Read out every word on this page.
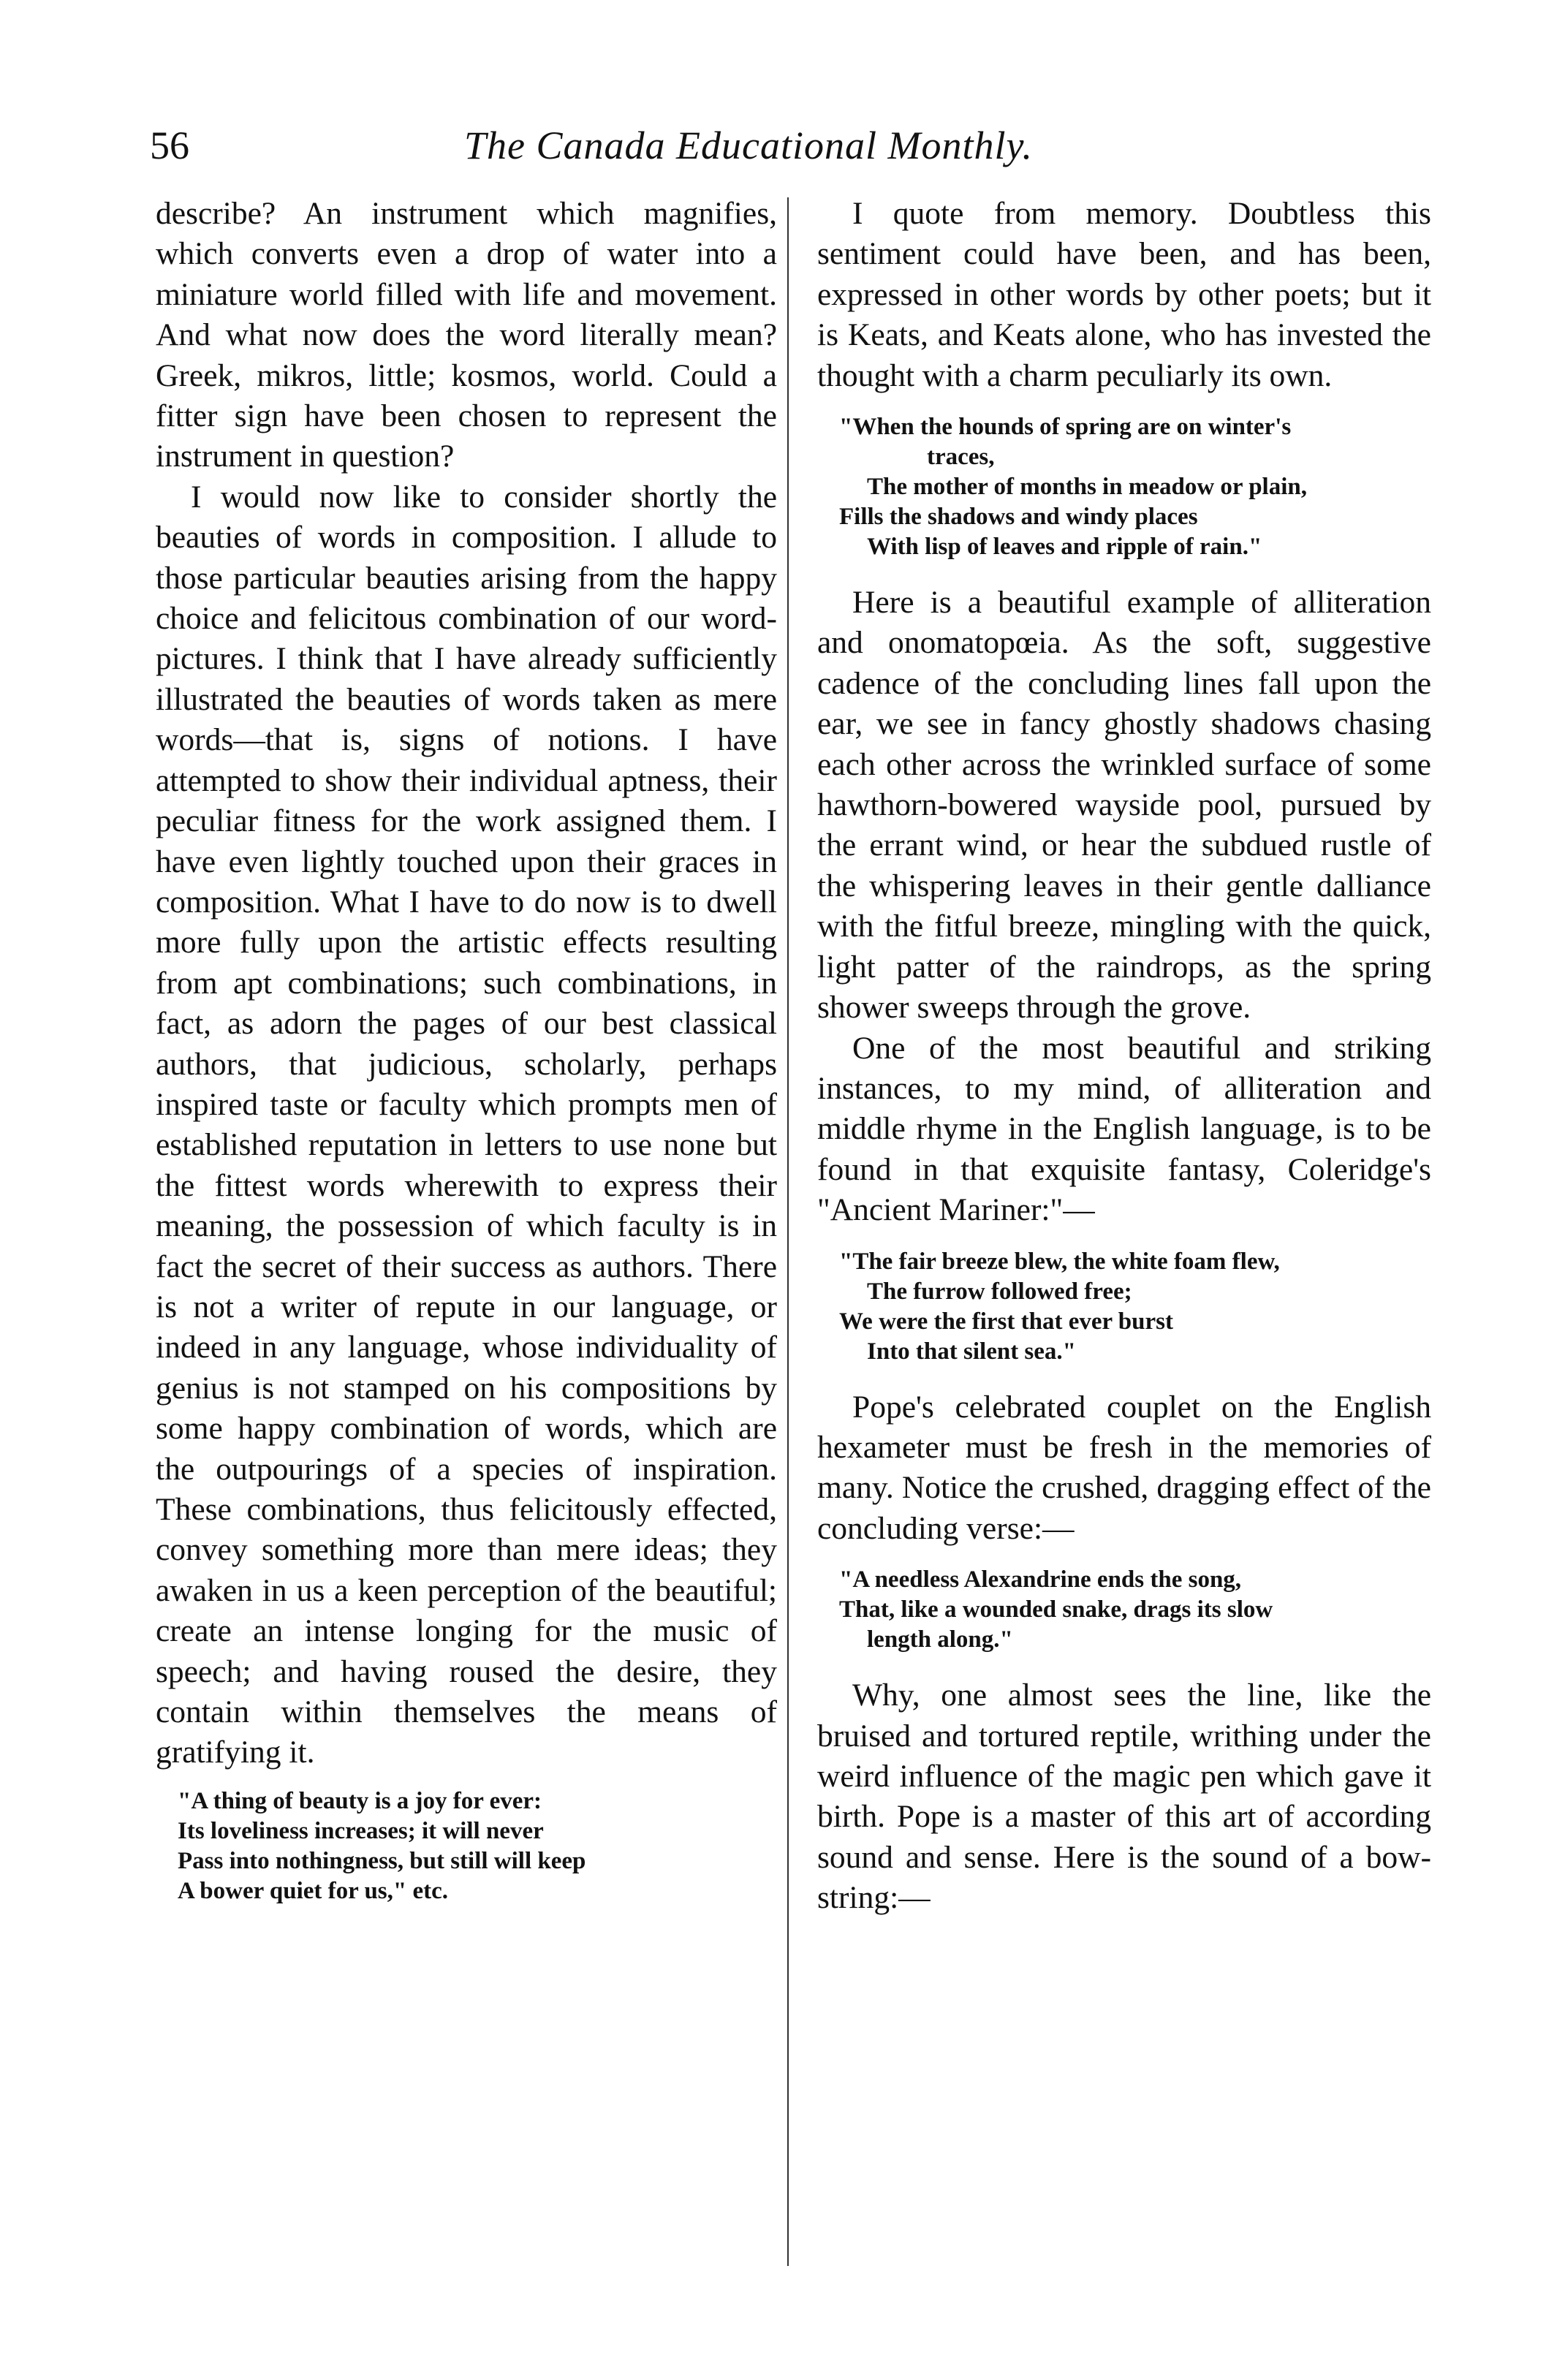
56	The Canada Educational Monthly.

describe? An instrument which magnifies, which converts even a drop of water into a miniature world filled with life and movement. And what now does the word literally mean? Greek, mikros, little; kosmos, world. Could a fitter sign have been chosen to represent the instrument in question?

I would now like to consider shortly the beauties of words in composition. I allude to those particular beauties arising from the happy choice and felicitous combination of our word-pictures. I think that I have already sufficiently illustrated the beauties of words taken as mere words—that is, signs of notions. I have attempted to show their individual aptness, their peculiar fitness for the work assigned them. I have even lightly touched upon their graces in composition. What I have to do now is to dwell more fully upon the artistic effects resulting from apt combinations; such combinations, in fact, as adorn the pages of our best classical authors, that judicious, scholarly, perhaps inspired taste or faculty which prompts men of established reputation in letters to use none but the fittest words wherewith to express their meaning, the possession of which faculty is in fact the secret of their success as authors. There is not a writer of repute in our language, or indeed in any language, whose individuality of genius is not stamped on his compositions by some happy combination of words, which are the outpourings of a species of inspiration. These combinations, thus felicitously effected, convey something more than mere ideas; they awaken in us a keen perception of the beautiful; create an intense longing for the music of speech; and having roused the desire, they contain within themselves the means of gratifying it.

"A thing of beauty is a joy for ever:
Its loveliness increases; it will never
Pass into nothingness, but still will keep
A bower quiet for us," etc.

I quote from memory. Doubtless this sentiment could have been, and has been, expressed in other words by other poets; but it is Keats, and Keats alone, who has invested the thought with a charm peculiarly its own.

"When the hounds of spring are on winter's
traces,
The mother of months in meadow or plain,
Fills the shadows and windy places
With lisp of leaves and ripple of rain."

Here is a beautiful example of alliteration and onomatopœia. As the soft, suggestive cadence of the concluding lines fall upon the ear, we see in fancy ghostly shadows chasing each other across the wrinkled surface of some hawthorn-bowered wayside pool, pursued by the errant wind, or hear the subdued rustle of the whispering leaves in their gentle dalliance with the fitful breeze, mingling with the quick, light patter of the raindrops, as the spring shower sweeps through the grove.

One of the most beautiful and striking instances, to my mind, of alliteration and middle rhyme in the English language, is to be found in that exquisite fantasy, Coleridge's "Ancient Mariner:"—

"The fair breeze blew, the white foam flew,
The furrow followed free;
We were the first that ever burst
Into that silent sea."

Pope's celebrated couplet on the English hexameter must be fresh in the memories of many. Notice the crushed, dragging effect of the concluding verse:—

"A needless Alexandrine ends the song,
That, like a wounded snake, drags its slow
length along."

Why, one almost sees the line, like the bruised and tortured reptile, writhing under the weird influence of the magic pen which gave it birth. Pope is a master of this art of according sound and sense. Here is the sound of a bow-string:—
